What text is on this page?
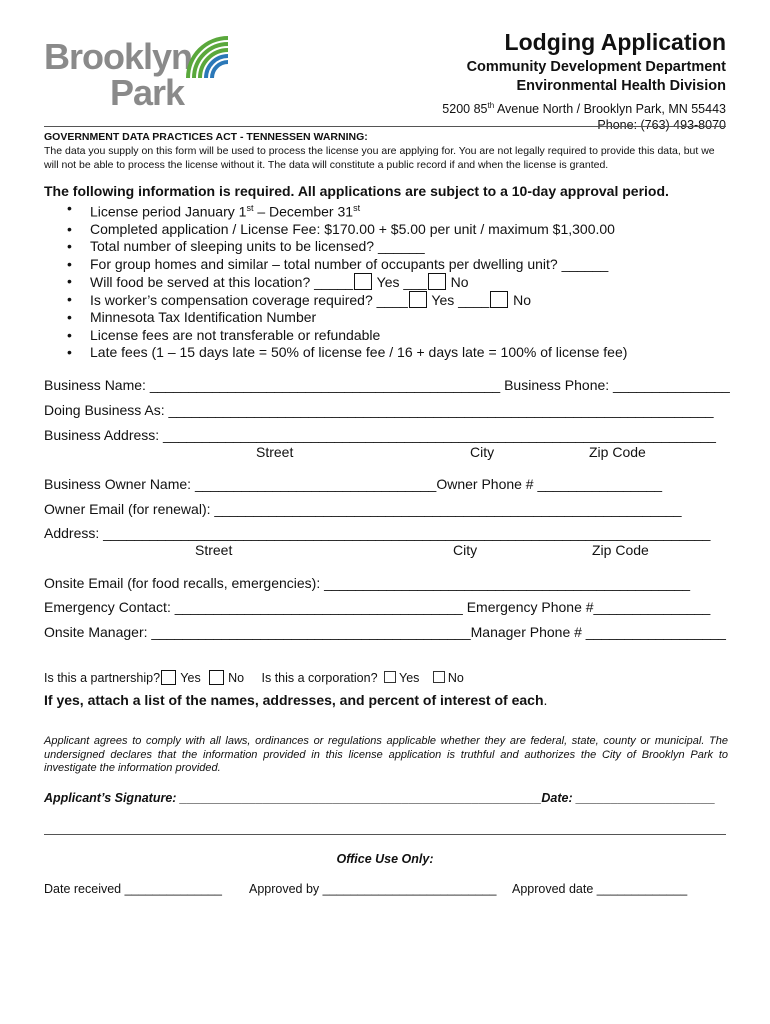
Brooklyn
Park
Lodging Application
Community Development Department
Environmental Health Division
5200 85th Avenue North / Brooklyn Park, MN 55443
Phone: (763) 493-8070
GOVERNMENT DATA PRACTICES ACT - TENNESSEN WARNING:
The data you supply on this form will be used to process the license you are applying for. You are not legally required to provide this data, but we will not be able to process the license without it. The data will constitute a public record if and when the license is granted.
The following information is required. All applications are subject to a 10-day approval period.
• License period January 1st – December 31st
• Completed application / License Fee: $170.00 + $5.00 per unit / maximum $1,300.00
• Total number of sleeping units to be licensed? ______
• For group homes and similar – total number of occupants per dwelling unit? ______
• Will food be served at this location? _____ Yes ___ No
• Is worker’s compensation coverage required? ____ Yes ____ No
• Minnesota Tax Identification Number
• License fees are not transferable or refundable
• Late fees (1 – 15 days late = 50% of license fee / 16 + days late = 100% of license fee)
Business Name: _____________________________________________ Business Phone: _______________
Doing Business As: ______________________________________________________________________
Business Address: _______________________________________________________________________
Street	City	Zip Code
Business Owner Name: _______________________________Owner Phone # ________________
Owner Email (for renewal): ____________________________________________________________
Address: ______________________________________________________________________________
Street	City	Zip Code
Onsite Email (for food recalls, emergencies): _______________________________________________
Emergency Contact: _____________________________________ Emergency Phone #_______________
Onsite Manager: _________________________________________Manager Phone # __________________
Is this a partnership? Yes No Is this a corporation? Yes No
If yes, attach a list of the names, addresses, and percent of interest of each.
Applicant agrees to comply with all laws, ordinances or regulations applicable whether they are federal, state, county or municipal. The undersigned declares that the information provided in this license application is truthful and authorizes the City of Brooklyn Park to investigate the information provided.
Applicant’s Signature: ____________________________________________________Date: ____________________
Office Use Only:
Date received ______________ Approved by _________________________ Approved date _____________
